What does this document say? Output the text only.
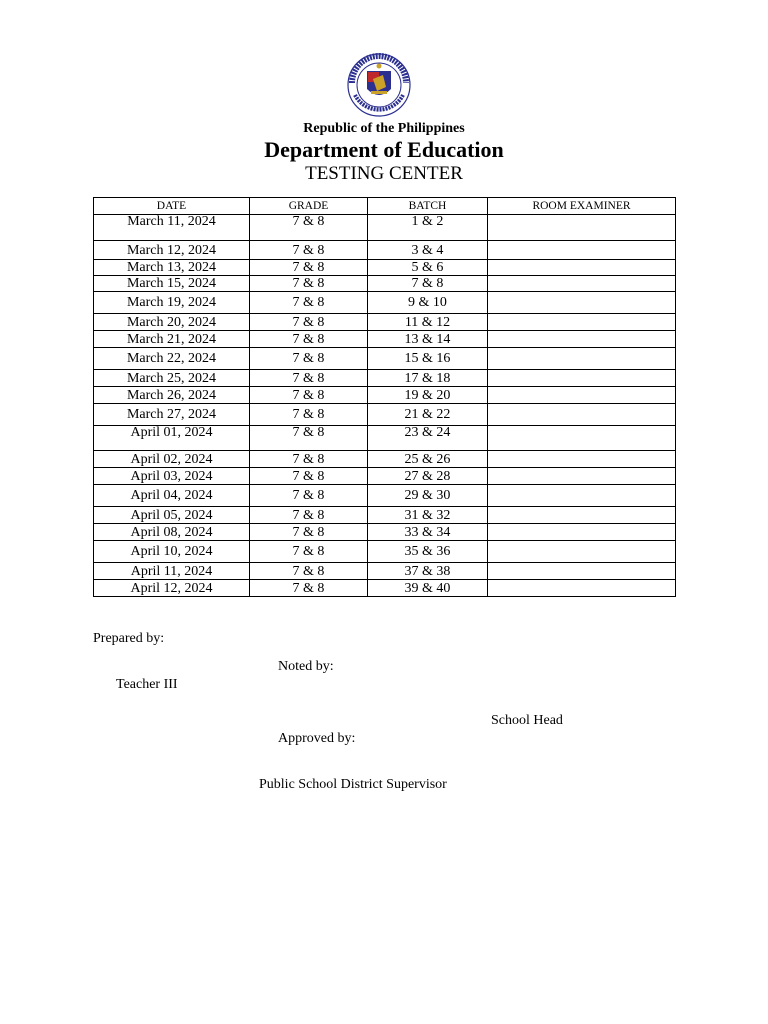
Republic of the Philippines
Department of Education
TESTING CENTER
DATE	GRADE	BATCH	ROOM EXAMINER
March 11, 2024	7 & 8	1 & 2	
March 12, 2024	7 & 8	3 & 4	
March 13, 2024	7 & 8	5 & 6	
March 15, 2024	7 & 8	7 & 8	
March 19, 2024	7 & 8	9 & 10	
March 20, 2024	7 & 8	11 & 12	
March 21, 2024	7 & 8	13 & 14	
March 22, 2024	7 & 8	15 & 16	
March 25, 2024	7 & 8	17 & 18	
March 26, 2024	7 & 8	19 & 20	
March 27, 2024	7 & 8	21 & 22	
April 01, 2024	7 & 8	23 & 24	
April 02, 2024	7 & 8	25 & 26	
April 03, 2024	7 & 8	27 & 28	
April 04, 2024	7 & 8	29 & 30	
April 05, 2024	7 & 8	31 & 32	
April 08, 2024	7 & 8	33 & 34	
April 10, 2024	7 & 8	35 & 36	
April 11, 2024	7 & 8	37 & 38	
April 12, 2024	7 & 8	39 & 40	
Prepared by:
Noted by:
Teacher III
School Head
Approved by:
Public School District Supervisor
